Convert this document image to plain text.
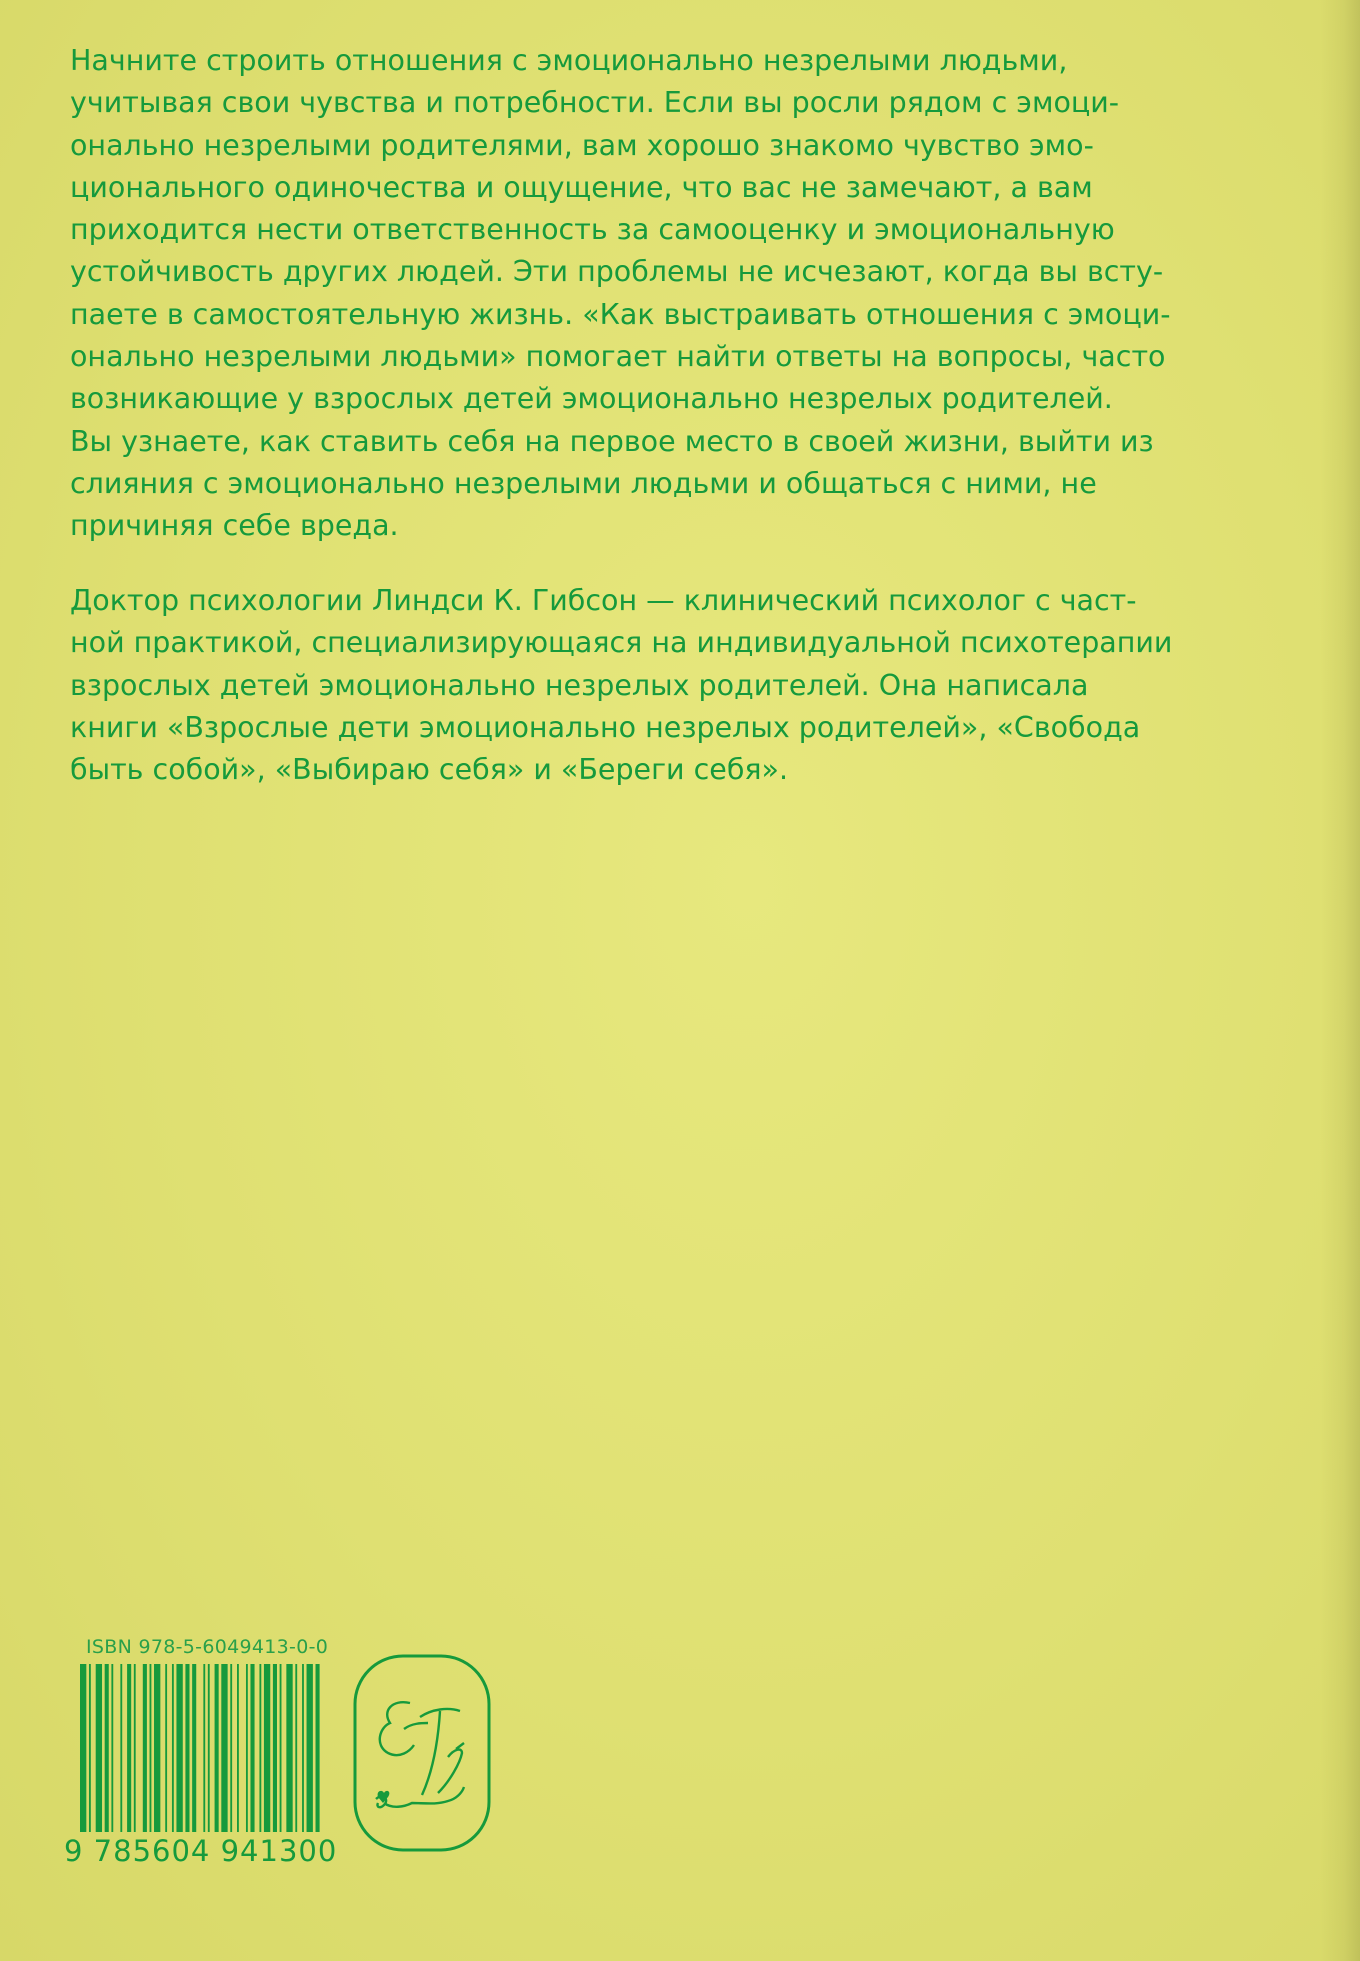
Начните строить отношения с эмоционально незрелыми людьми,
учитывая свои чувства и потребности. Если вы росли рядом с эмоци-
онально незрелыми родителями, вам хорошо знакомо чувство эмо-
ционального одиночества и ощущение, что вас не замечают, а вам
приходится нести ответственность за самооценку и эмоциональную
устойчивость других людей. Эти проблемы не исчезают, когда вы всту-
паете в самостоятельную жизнь. «Как выстраивать отношения с эмоци-
онально незрелыми людьми» помогает найти ответы на вопросы, часто
возникающие у взрослых детей эмоционально незрелых родителей.
Вы узнаете, как ставить себя на первое место в своей жизни, выйти из
слияния с эмоционально незрелыми людьми и общаться с ними, не
причиняя себе вреда.
Доктор психологии Линдси К. Гибсон — клинический психолог с част-
ной практикой, специализирующаяся на индивидуальной психотерапии
взрослых детей эмоционально незрелых родителей. Она написала
книги «Взрослые дети эмоционально незрелых родителей», «Свобода
быть собой», «Выбираю себя» и «Береги себя».
ISBN 978-5-6049413-0-0
9 785604 941300
